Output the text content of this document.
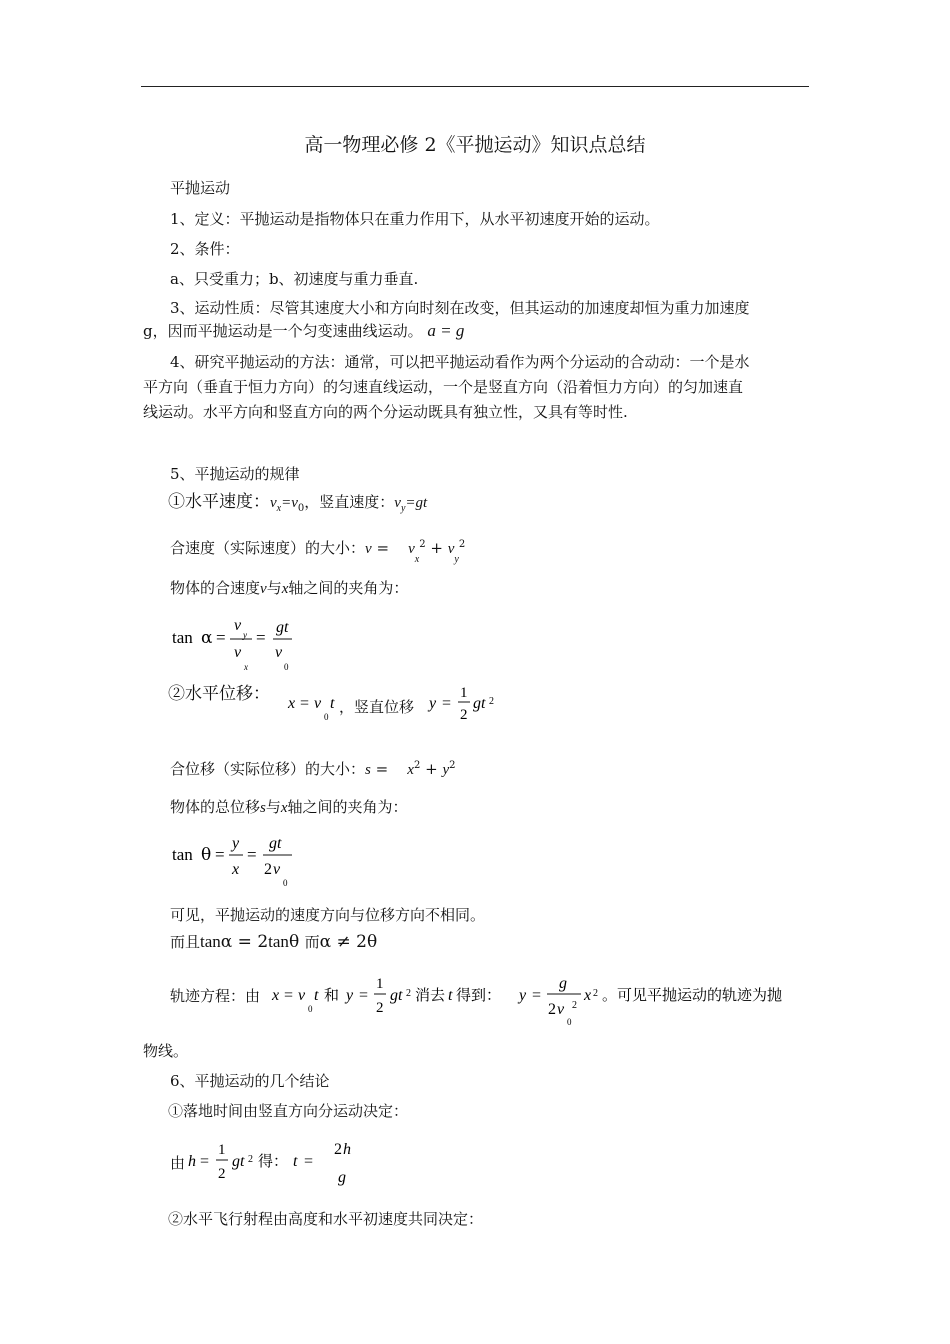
高一物理必修 2《平抛运动》知识点总结
平抛运动
1、定义：平抛运动是指物体只在重力作用下，从水平初速度开始的运动。
2、条件：
a、只受重力；b、初速度与重力垂直.
3、运动性质：尽管其速度大小和方向时刻在改变，但其运动的加速度却恒为重力加速度
g，因而平抛运动是一个匀变速曲线运动。 a = g
4、研究平抛运动的方法：通常，可以把平抛运动看作为两个分运动的合动动：一个是水
平方向（垂直于恒力方向）的匀速直线运动，一个是竖直方向（沿着恒力方向）的匀加速直
线运动。水平方向和竖直方向的两个分运动既具有独立性，又具有等时性.
5、平抛运动的规律
①水平速度：$v_x=v_0$，竖直速度：$v_y=gt$
合速度（实际速度）的大小：v =    $v_x^2 + v_y^2$
物体的合速度v与x轴之间的夹角为：
tan α =
v
y
v
x
=
gt
v
0
②水平位移： x = v
0
t ，竖直位移 y =
1
2
gt 2
合位移（实际位移）的大小：s =    $x^2 + y^2$
物体的总位移s与x轴之间的夹角为：
tan θ =
y
x
=
gt
2 v
0
可见，平抛运动的速度方向与位移方向不相同。
而且tanα = 2tanθ 而α ≠ 2θ
轨迹方程：由 x = v
0
t 和 y =
1
2
gt 2 消去 t 得到： y =
g
2 v
0
2
x 2 。可见平抛运动的轨迹为抛
物线。
6、平抛运动的几个结论
①落地时间由竖直方向分运动决定：
由 h =
1
2
gt 2 得： t =
2 h
g
②水平飞行射程由高度和水平初速度共同决定：
